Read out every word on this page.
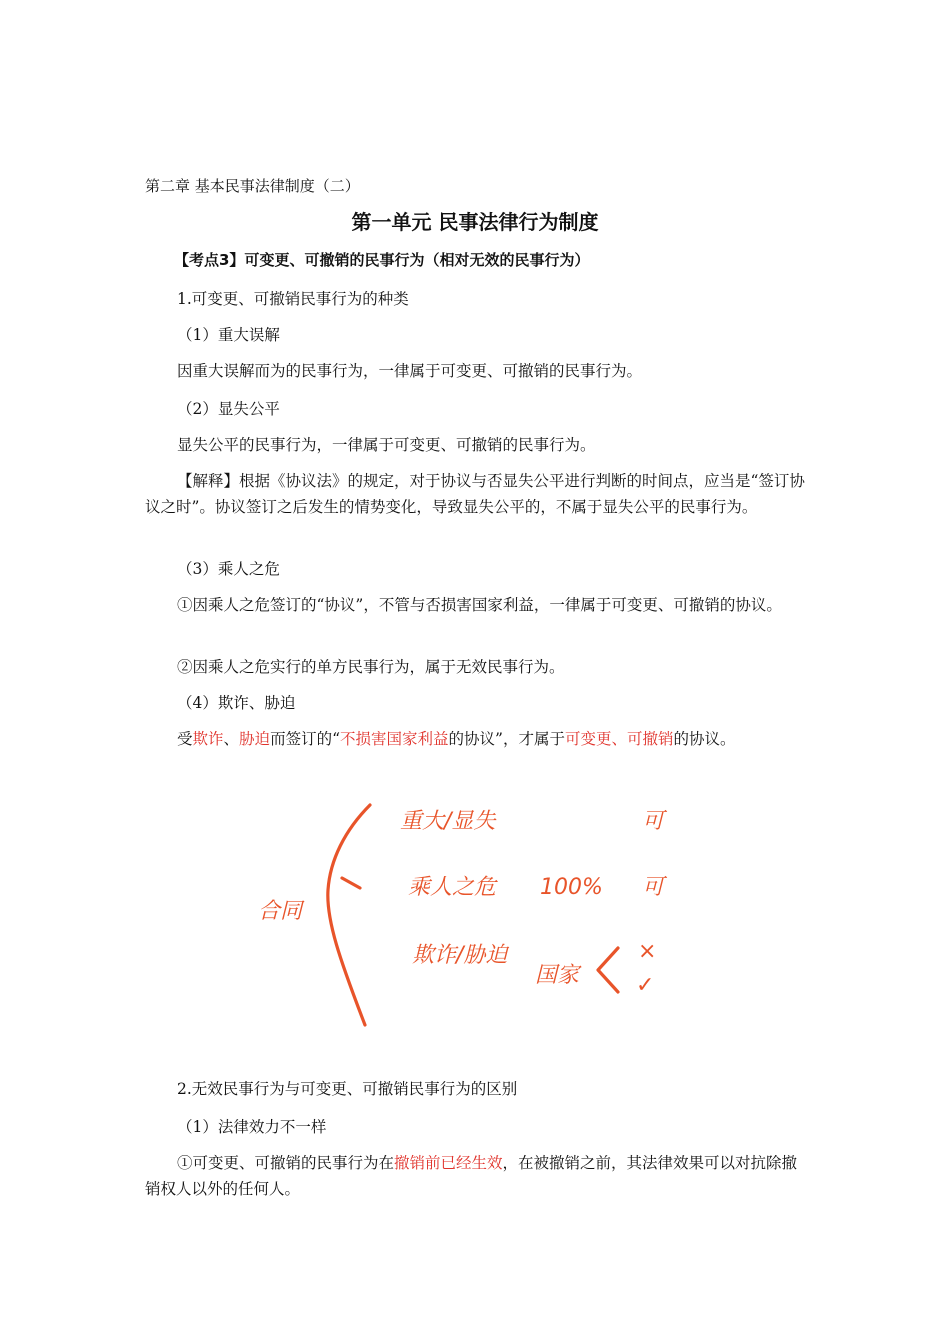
第二章 基本民事法律制度（二）
第一单元 民事法律行为制度
【考点3】可变更、可撤销的民事行为（相对无效的民事行为）
1.可变更、可撤销民事行为的种类
（1）重大误解
因重大误解而为的民事行为，一律属于可变更、可撤销的民事行为。
（2）显失公平
显失公平的民事行为，一律属于可变更、可撤销的民事行为。
【解释】根据《协议法》的规定，对于协议与否显失公平进行判断的时间点，应当是“签订协议之时”。协议签订之后发生的情势变化，导致显失公平的，不属于显失公平的民事行为。
（3）乘人之危
①因乘人之危签订的“协议”，不管与否损害国家利益，一律属于可变更、可撤销的协议。
②因乘人之危实行的单方民事行为，属于无效民事行为。
（4）欺诈、胁迫
受欺诈、胁迫而签订的“不损害国家利益的协议”，才属于可变更、可撤销的协议。
合同
重大/显失	可
乘人之危 100% 可
欺诈/胁迫
国家
×
✓
2.无效民事行为与可变更、可撤销民事行为的区别
（1）法律效力不一样
①可变更、可撤销的民事行为在撤销前已经生效，在被撤销之前，其法律效果可以对抗除撤销权人以外的任何人。
